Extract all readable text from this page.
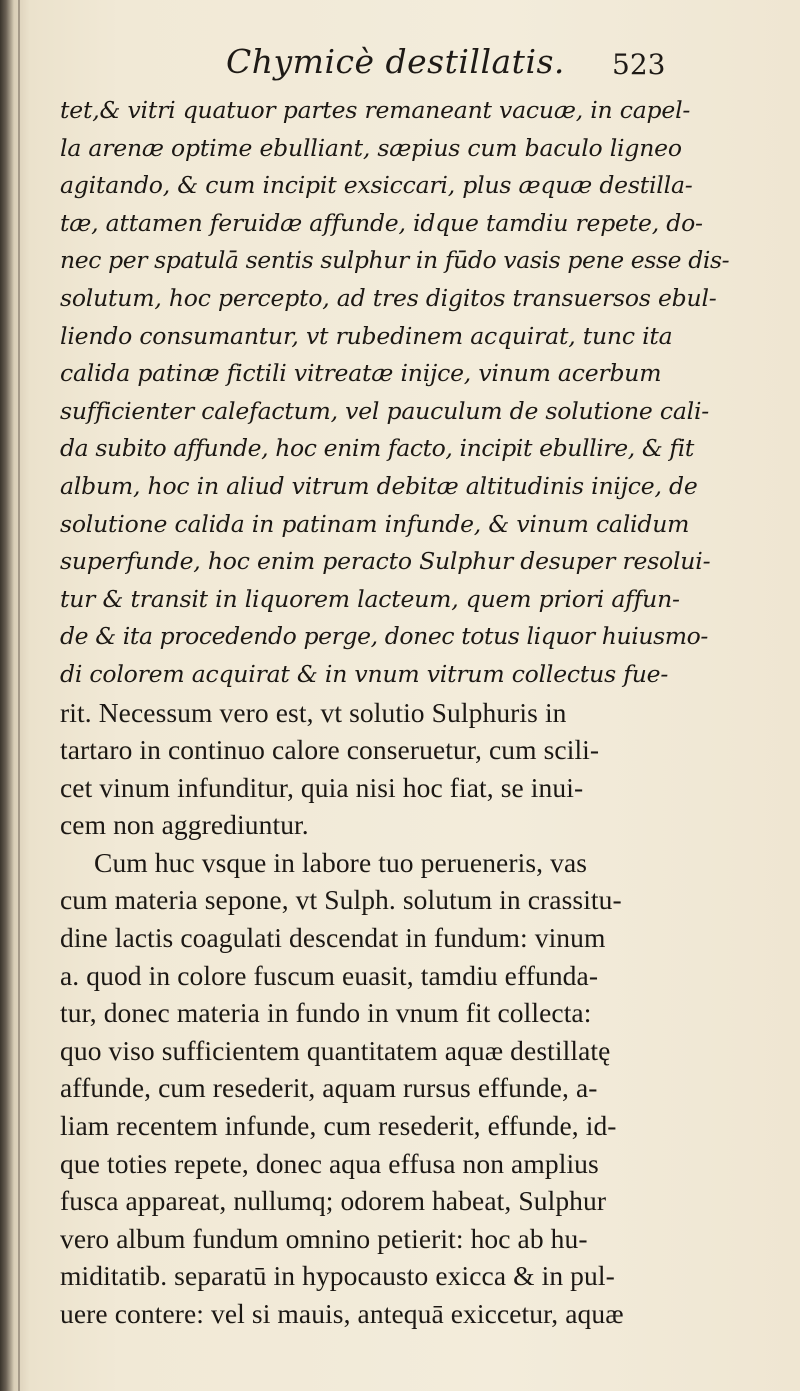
Chymicè destillatis. 523
tet,& vitri quatuor partes remaneant vacuæ, in capel-
la arenæ optime ebulliant, sæpius cum baculo ligneo
agitando, & cum incipit exsiccari, plus æquæ destilla-
tæ, attamen feruidæ affunde, idque tamdiu repete, do-
nec per spatulā sentis sulphur in fūdo vasis pene esse dis-
solutum, hoc percepto, ad tres digitos transuersos ebul-
liendo consumantur, vt rubedinem acquirat, tunc ita
calida patinæ fictili vitreatæ inijce, vinum acerbum
sufficienter calefactum, vel pauculum de solutione cali-
da subito affunde, hoc enim facto, incipit ebullire, & fit
album, hoc in aliud vitrum debitæ altitudinis inijce, de
solutione calida in patinam infunde, & vinum calidum
superfunde, hoc enim peracto Sulphur desuper resolui-
tur & transit in liquorem lacteum, quem priori affun-
de & ita procedendo perge, donec totus liquor huiusmo-
di colorem acquirat & in vnum vitrum collectus fue-
rit. Necessum vero est, vt solutio Sulphuris in
tartaro in continuo calore conseruetur, cum scili-
cet vinum infunditur, quia nisi hoc fiat, se inui-
cem non aggrediuntur.
Cum huc vsque in labore tuo perueneris, vas
cum materia sepone, vt Sulph. solutum in crassitu-
dine lactis coagulati descendat in fundum: vinum
a. quod in colore fuscum euasit, tamdiu effunda-
tur, donec materia in fundo in vnum fit collecta:
quo viso sufficientem quantitatem aquæ destillatę
affunde, cum resederit, aquam rursus effunde, a-
liam recentem infunde, cum resederit, effunde, id-
que toties repete, donec aqua effusa non amplius
fusca appareat, nullumq; odorem habeat, Sulphur
vero album fundum omnino petierit: hoc ab hu-
miditatib. separatū in hypocausto exicca & in pul-
uere contere: vel si mauis, antequā exiccetur, aquæ
